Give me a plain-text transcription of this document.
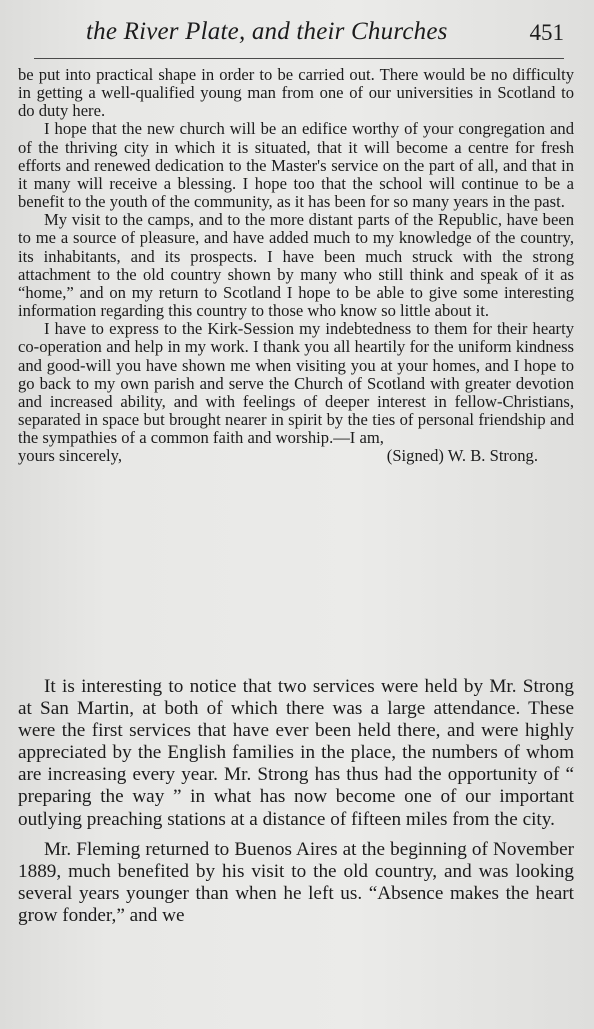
the River Plate, and their Churches	451

be put into practical shape in order to be carried out. There would be no difficulty in getting a well-qualified young man from one of our universities in Scotland to do duty here.

I hope that the new church will be an edifice worthy of your congregation and of the thriving city in which it is situated, that it will become a centre for fresh efforts and renewed dedication to the Master's service on the part of all, and that in it many will receive a blessing. I hope too that the school will continue to be a benefit to the youth of the community, as it has been for so many years in the past.

My visit to the camps, and to the more distant parts of the Republic, have been to me a source of pleasure, and have added much to my knowledge of the country, its inhabitants, and its prospects. I have been much struck with the strong attachment to the old country shown by many who still think and speak of it as “home,” and on my return to Scotland I hope to be able to give some interesting information regarding this country to those who know so little about it.

I have to express to the Kirk-Session my indebtedness to them for their hearty co-operation and help in my work. I thank you all heartily for the uniform kindness and good-will you have shown me when visiting you at your homes, and I hope to go back to my own parish and serve the Church of Scotland with greater devotion and increased ability, and with feelings of deeper interest in fellow-Christians, separated in space but brought nearer in spirit by the ties of personal friendship and the sympathies of a common faith and worship.—I am,

yours sincerely,	(Signed) W. B. Strong.

It is interesting to notice that two services were held by Mr. Strong at San Martin, at both of which there was a large attendance. These were the first services that have ever been held there, and were highly appreciated by the English families in the place, the numbers of whom are increasing every year. Mr. Strong has thus had the opportunity of “ preparing the way ” in what has now become one of our important outlying preaching stations at a distance of fifteen miles from the city.

Mr. Fleming returned to Buenos Aires at the beginning of November 1889, much benefited by his visit to the old country, and was looking several years younger than when he left us. “Absence makes the heart grow fonder,” and we
